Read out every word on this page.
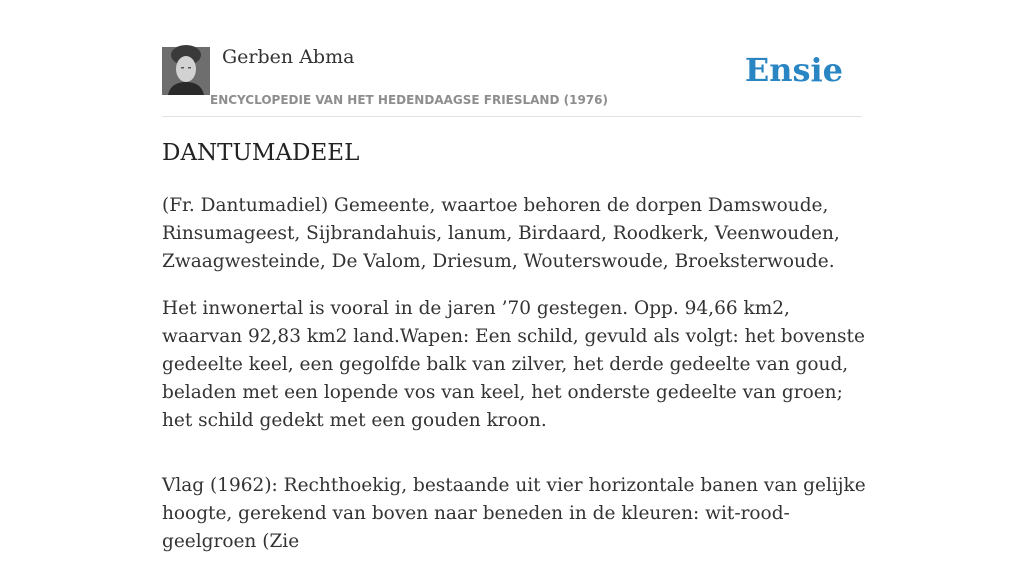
Gerben Abma
ENCYCLOPEDIE VAN HET HEDENDAAGSE FRIESLAND (1976)
Ensie
DANTUMADEEL

(Fr. Dantumadiel) Gemeente, waartoe behoren de dorpen Damswoude, Rinsumageest, Sijbrandahuis, lanum, Birdaard, Roodkerk, Veenwouden, Zwaagwesteinde, De Valom, Driesum, Wouterswoude, Broeksterwoude.

Het inwonertal is vooral in de jaren ’70 gestegen. Opp. 94,66 km2, waarvan 92,83 km2 land.Wapen: Een schild, gevuld als volgt: het bovenste gedeelte keel, een gegolfde balk van zilver, het derde gedeelte van goud, beladen met een lopende vos van keel, het onderste gedeelte van groen; het schild gedekt met een gouden kroon.

Vlag (1962): Rechthoekig, bestaande uit vier horizontale banen van gelijke hoogte, gerekend van boven naar beneden in de kleuren: wit-rood-geelgroen (Zie
